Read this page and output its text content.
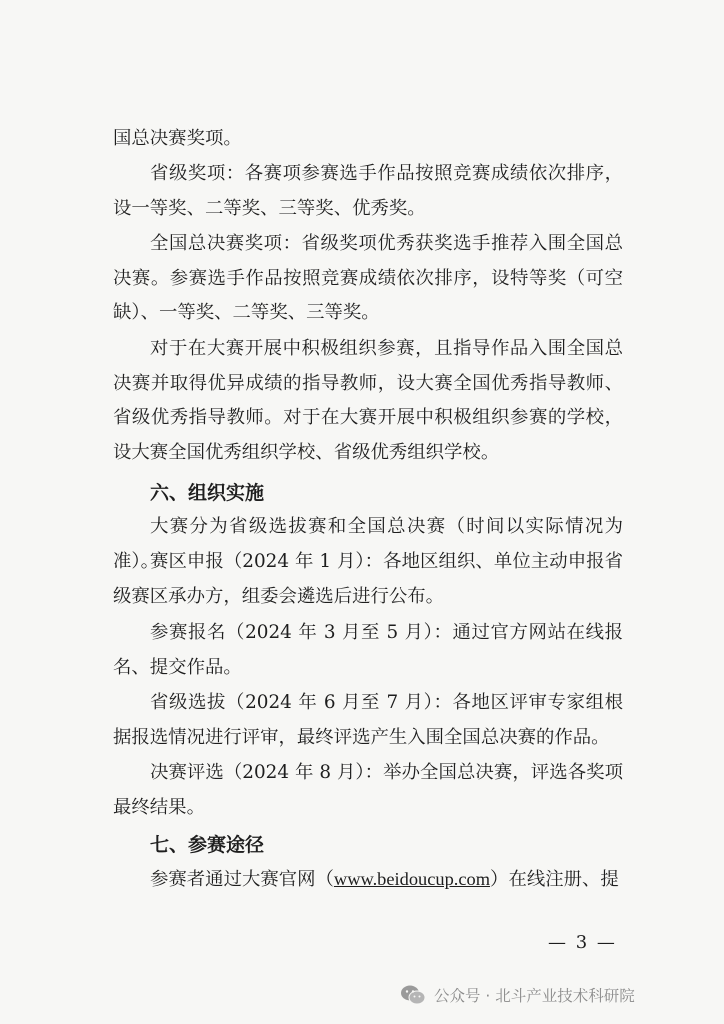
国总决赛奖项。

省级奖项：各赛项参赛选手作品按照竞赛成绩依次排序，设一等奖、二等奖、三等奖、优秀奖。

全国总决赛奖项：省级奖项优秀获奖选手推荐入围全国总决赛。参赛选手作品按照竞赛成绩依次排序，设特等奖（可空缺）、一等奖、二等奖、三等奖。

对于在大赛开展中积极组织参赛，且指导作品入围全国总决赛并取得优异成绩的指导教师，设大赛全国优秀指导教师、省级优秀指导教师。对于在大赛开展中积极组织参赛的学校，设大赛全国优秀组织学校、省级优秀组织学校。

六、组织实施

大赛分为省级选拔赛和全国总决赛（时间以实际情况为准）。

赛区申报（2024 年 1 月）：各地区组织、单位主动申报省级赛区承办方，组委会遴选后进行公布。

参赛报名（2024 年 3 月至 5 月）：通过官方网站在线报名、提交作品。

省级选拔（2024 年 6 月至 7 月）：各地区评审专家组根据报选情况进行评审，最终评选产生入围全国总决赛的作品。

决赛评选（2024 年 8 月）：举办全国总决赛，评选各奖项最终结果。

七、参赛途径

参赛者通过大赛官网（www.beidoucup.com）在线注册、提

— 3 —
公众号 · 北斗产业技术科研院
